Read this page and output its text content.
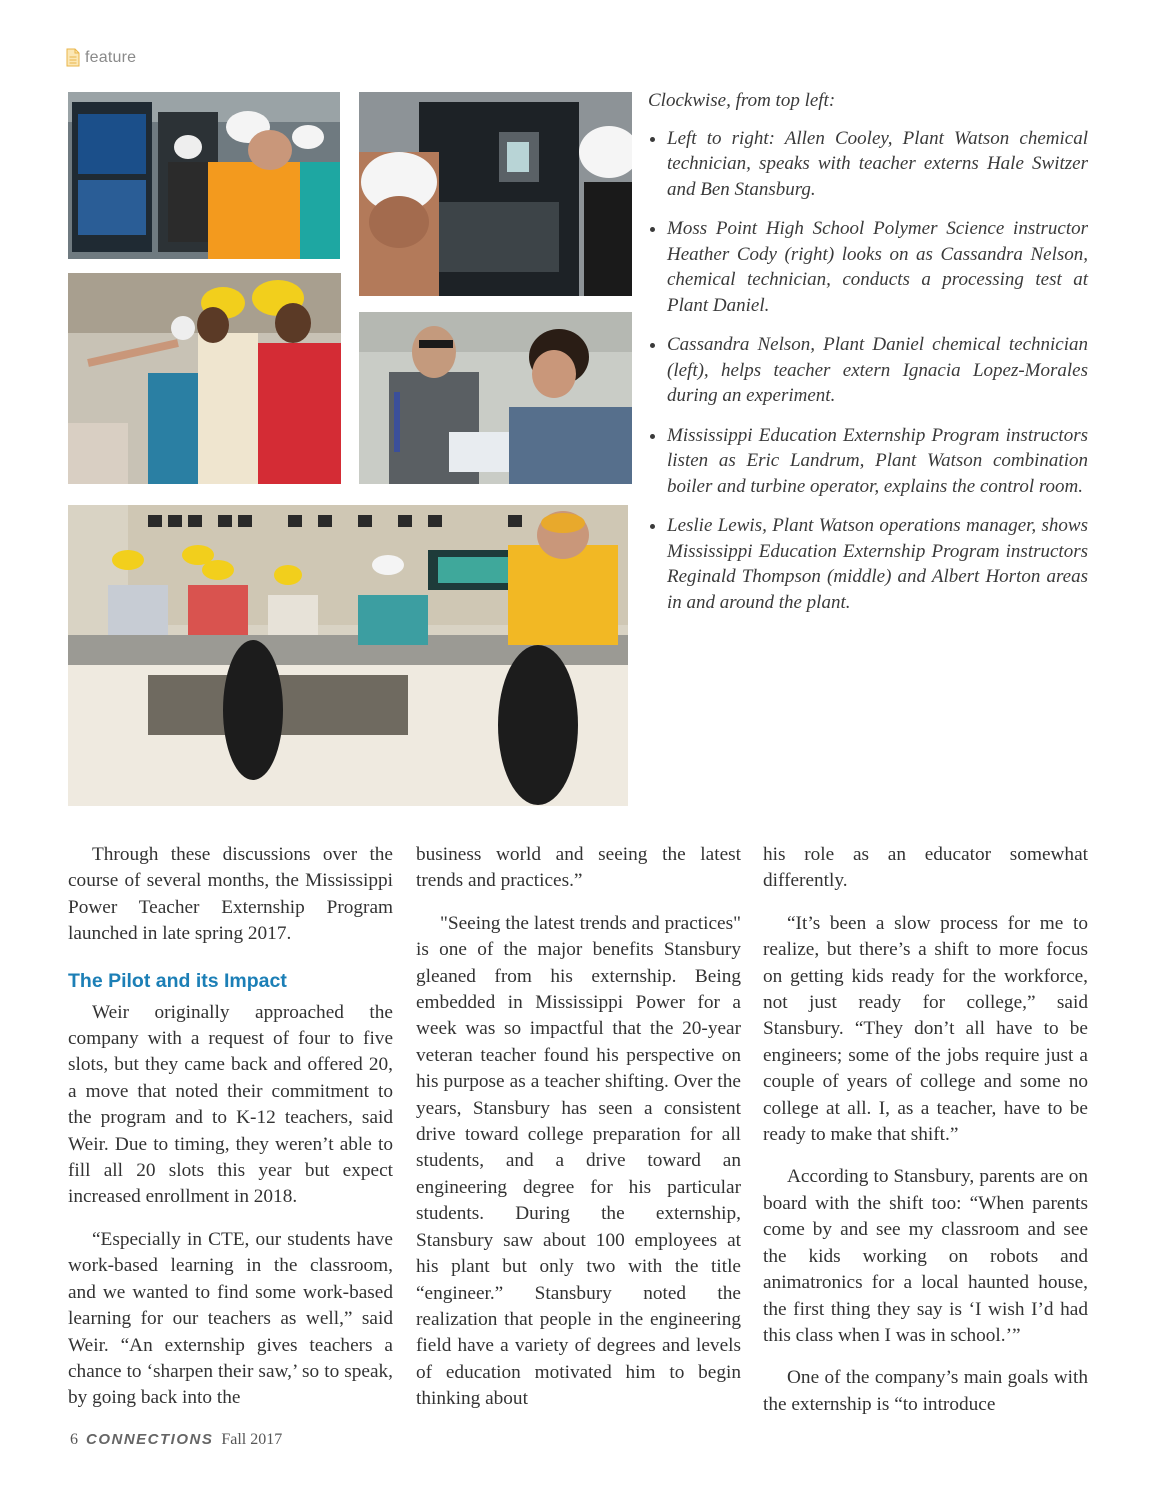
feature

Clockwise, from top left:

• Left to right: Allen Cooley, Plant Watson chemical technician, speaks with teacher externs Hale Switzer and Ben Stansburg.
• Moss Point High School Polymer Science instructor Heather Cody (right) looks on as Cassandra Nelson, chemical technician, conducts a processing test at Plant Daniel.
• Cassandra Nelson, Plant Daniel chemical technician (left), helps teacher extern Ignacia Lopez-Morales during an experiment.
• Mississippi Education Externship Program instructors listen as Eric Landrum, Plant Watson combination boiler and turbine operator, explains the control room.
• Leslie Lewis, Plant Watson operations manager, shows Mississippi Education Externship Program instructors Reginald Thompson (middle) and Albert Horton areas in and around the plant.

Through these discussions over the course of several months, the Mississippi Power Teacher Externship Program launched in late spring 2017.

The Pilot and its Impact

Weir originally approached the company with a request of four to five slots, but they came back and offered 20, a move that noted their commitment to the program and to K-12 teachers, said Weir. Due to timing, they weren’t able to fill all 20 slots this year but expect increased enrollment in 2018.

“Especially in CTE, our students have work-based learning in the classroom, and we wanted to find some work-based learning for our teachers as well,” said Weir. “An externship gives teachers a chance to ‘sharpen their saw,’ so to speak, by going back into the

business world and seeing the latest trends and practices.”

"Seeing the latest trends and practices" is one of the major benefits Stansbury gleaned from his externship. Being embedded in Mississippi Power for a week was so impactful that the 20-year veteran teacher found his perspective on his purpose as a teacher shifting. Over the years, Stansbury has seen a consistent drive toward college preparation for all students, and a drive toward an engineering degree for his particular students. During the externship, Stansbury saw about 100 employees at his plant but only two with the title “engineer.” Stansbury noted the realization that people in the engineering field have a variety of degrees and levels of education motivated him to begin thinking about

his role as an educator somewhat differently.

“It’s been a slow process for me to realize, but there’s a shift to more focus on getting kids ready for the workforce, not just ready for college,” said Stansbury. “They don’t all have to be engineers; some of the jobs require just a couple of years of college and some no college at all. I, as a teacher, have to be ready to make that shift.”

According to Stansbury, parents are on board with the shift too: “When parents come by and see my classroom and see the kids working on robots and animatronics for a local haunted house, the first thing they say is ‘I wish I’d had this class when I was in school.’”

One of the company’s main goals with the externship is “to introduce

6 CONNECTIONS Fall 2017
